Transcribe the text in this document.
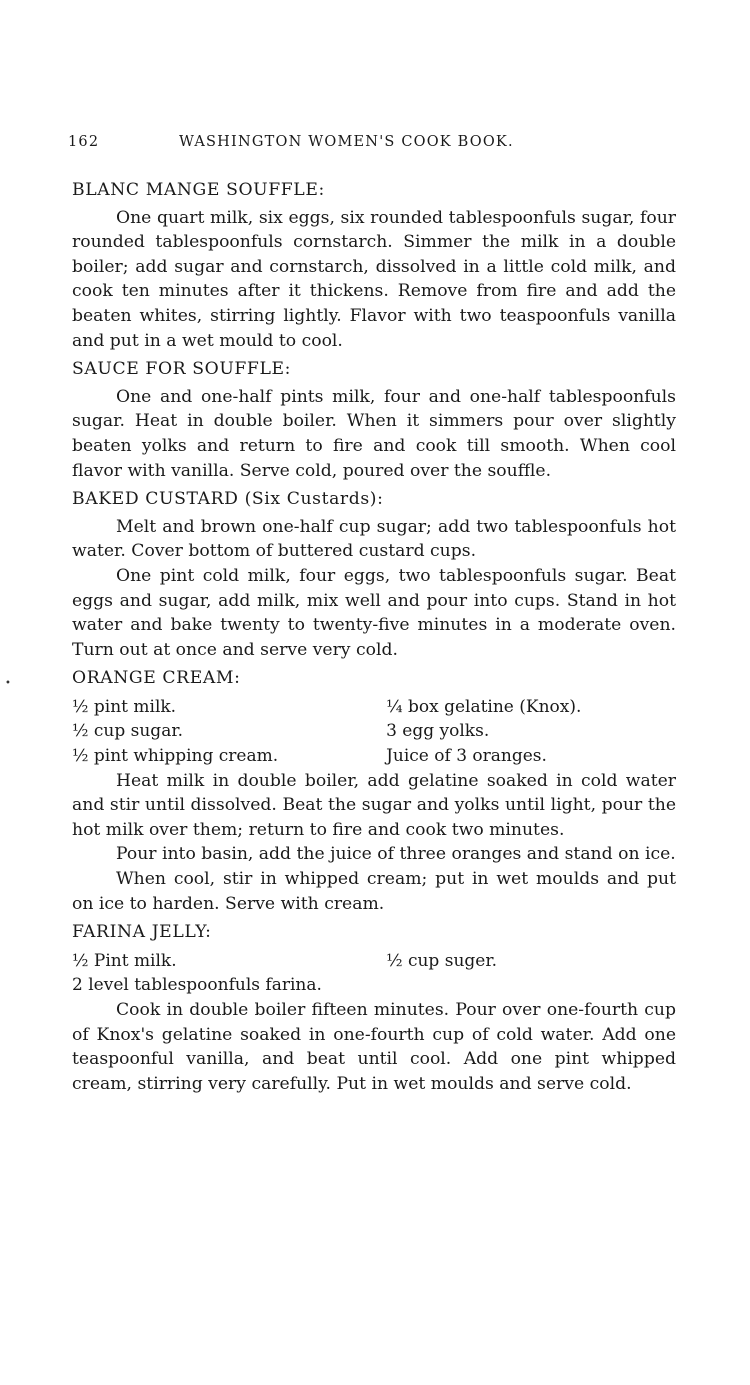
162	WASHINGTON WOMEN'S COOK BOOK.
BLANC MANGE SOUFFLE:

One quart milk, six eggs, six rounded tablespoonfuls sugar, four rounded tablespoonfuls cornstarch. Simmer the milk in a double boiler; add sugar and cornstarch, dissolved in a little cold milk, and cook ten minutes after it thickens. Remove from fire and add the beaten whites, stirring lightly. Flavor with two teaspoonfuls vanilla and put in a wet mould to cool.

SAUCE FOR SOUFFLE:

One and one-half pints milk, four and one-half tablespoonfuls sugar. Heat in double boiler. When it simmers pour over slightly beaten yolks and return to fire and cook till smooth. When cool flavor with vanilla. Serve cold, poured over the souffle.

BAKED CUSTARD (Six Custards):

Melt and brown one-half cup sugar; add two tablespoonfuls hot water. Cover bottom of buttered custard cups.

One pint cold milk, four eggs, two tablespoonfuls sugar. Beat eggs and sugar, add milk, mix well and pour into cups. Stand in hot water and bake twenty to twenty-five minutes in a moderate oven. Turn out at once and serve very cold.

ORANGE CREAM:
½ pint milk.	¼ box gelatine (Knox).
½ cup sugar.	3 egg yolks.
½ pint whipping cream.	Juice of 3 oranges.

Heat milk in double boiler, add gelatine soaked in cold water and stir until dissolved. Beat the sugar and yolks until light, pour the hot milk over them; return to fire and cook two minutes.

Pour into basin, add the juice of three oranges and stand on ice.

When cool, stir in whipped cream; put in wet moulds and put on ice to harden. Serve with cream.

FARINA JELLY:
½ Pint milk.	½ cup suger.
2 level tablespoonfuls farina.	

Cook in double boiler fifteen minutes. Pour over one-fourth cup of Knox's gelatine soaked in one-fourth cup of cold water. Add one teaspoonful vanilla, and beat until cool. Add one pint whipped cream, stirring very carefully. Put in wet moulds and serve cold.

•
